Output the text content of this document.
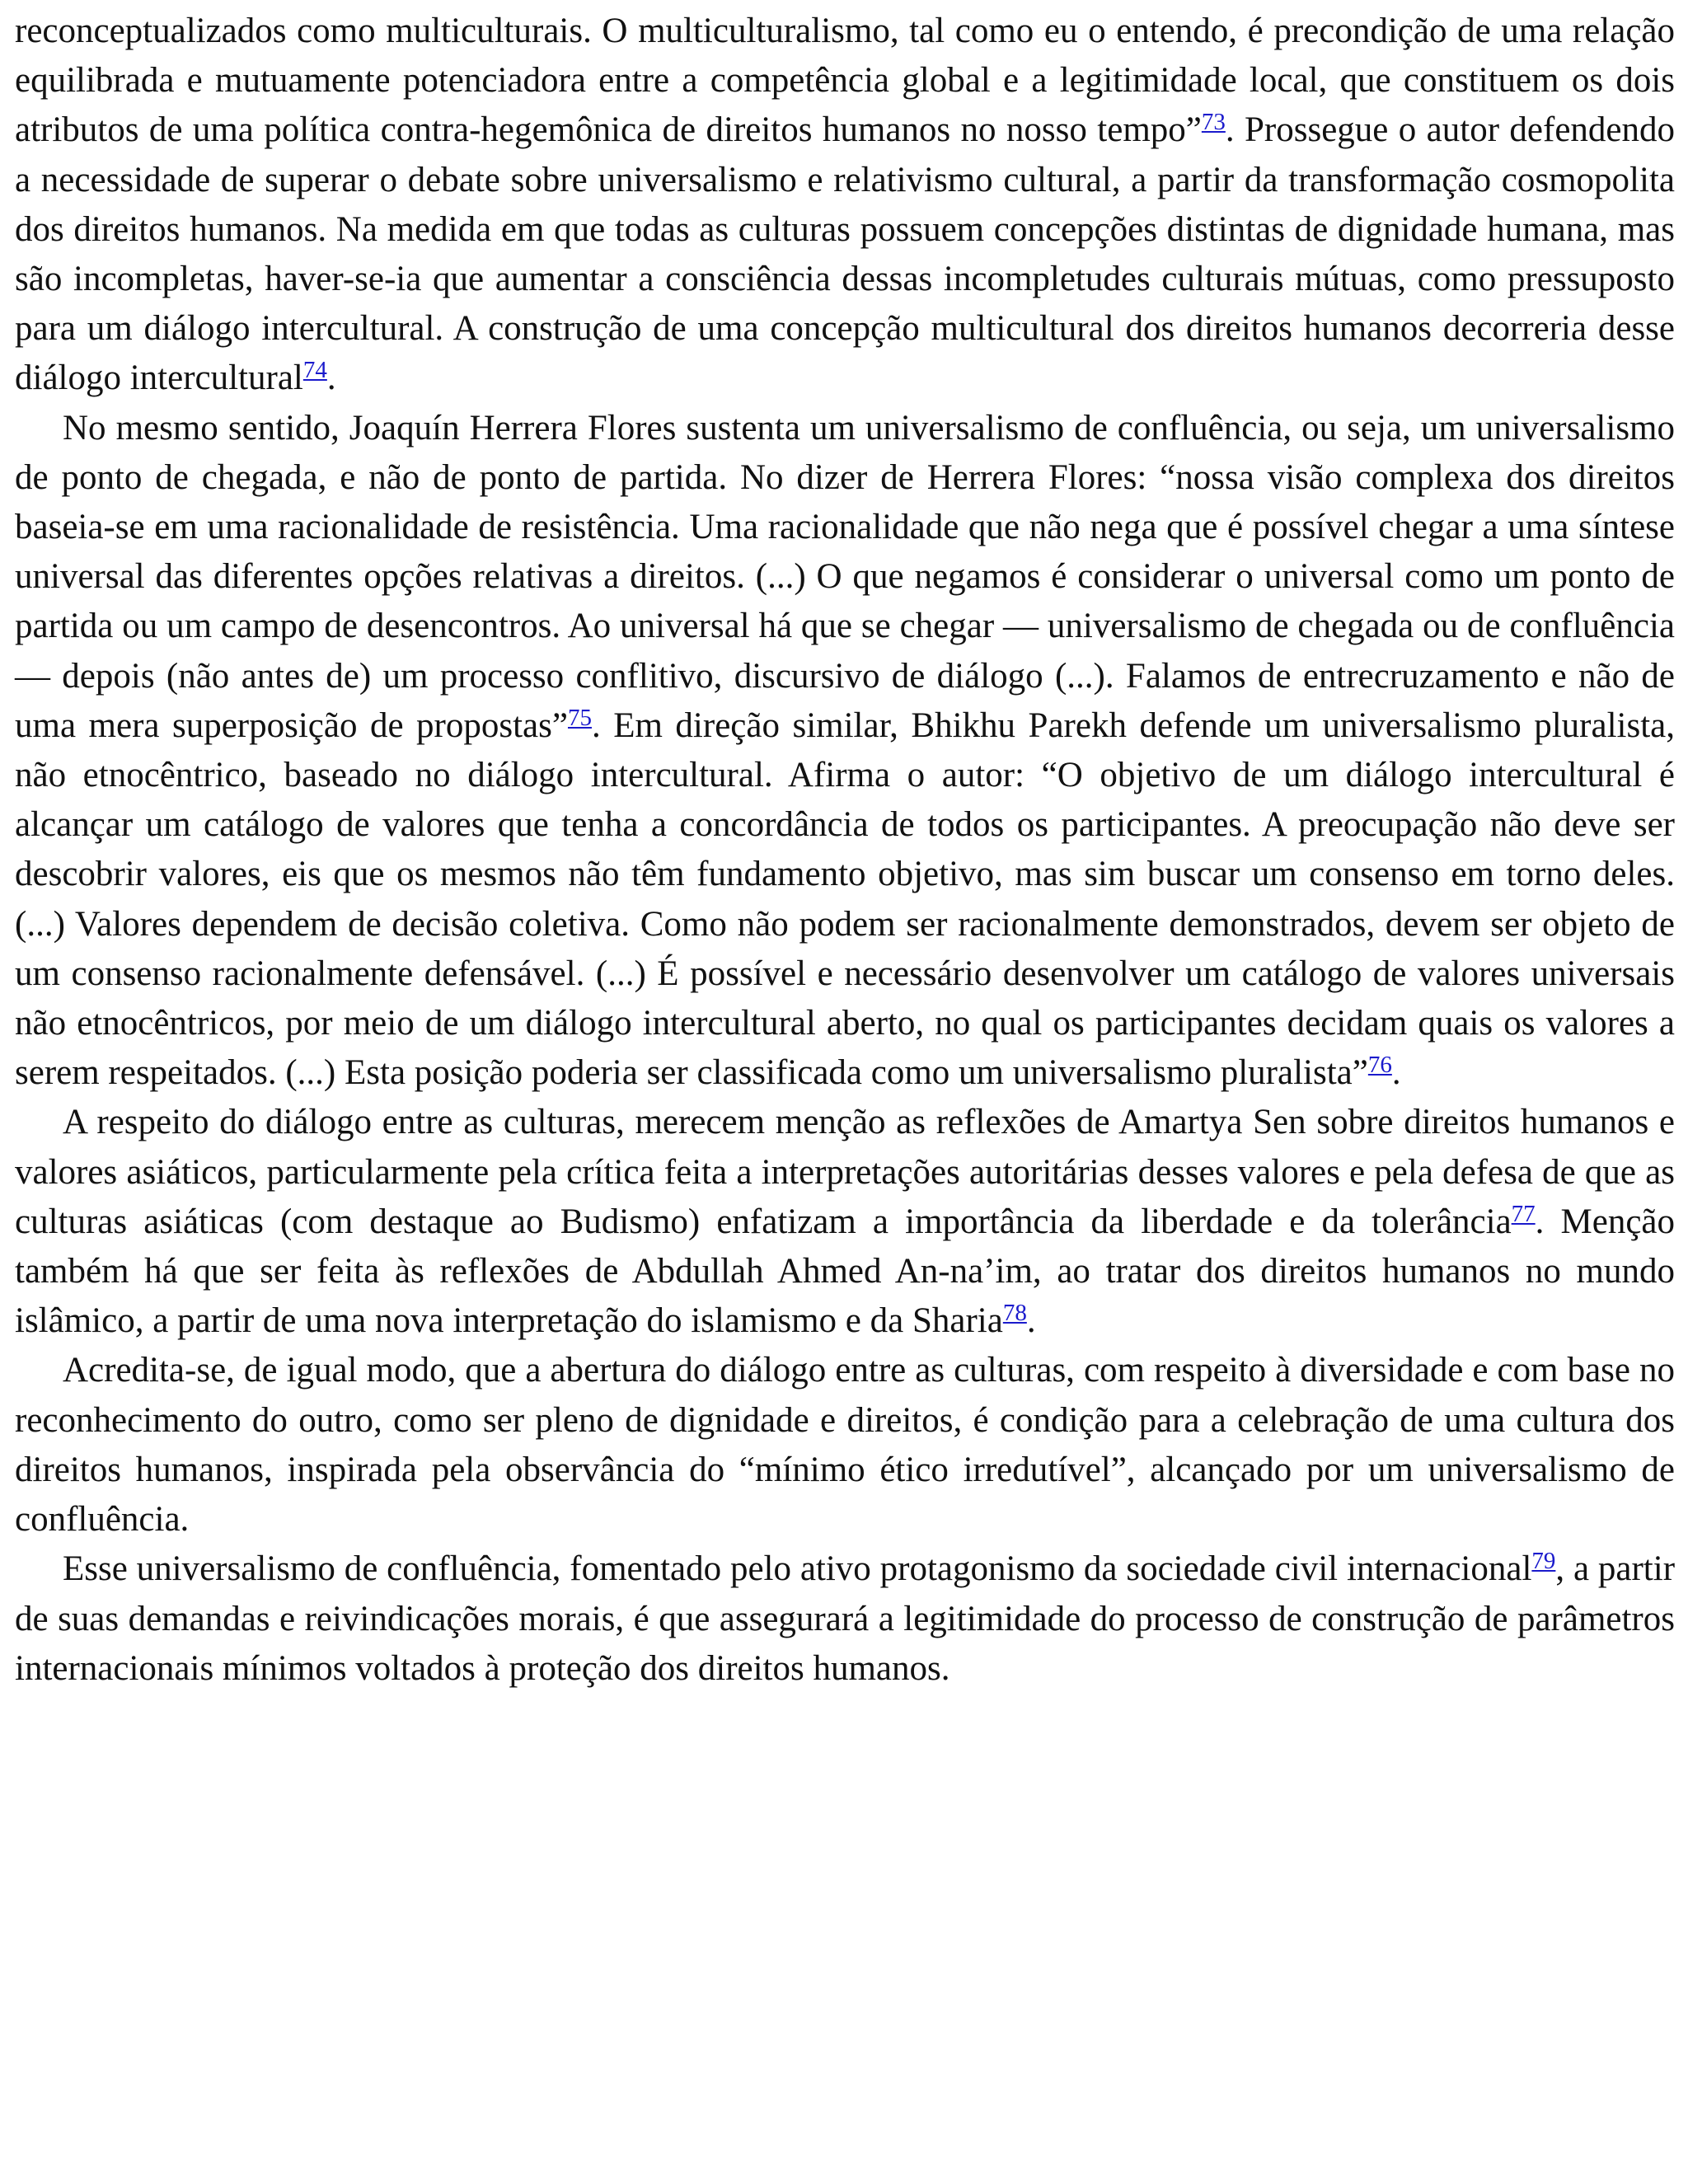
reconceptualizados como multiculturais. O multiculturalismo, tal como eu o entendo, é precondição de uma relação equilibrada e mutuamente potenciadora entre a competência global e a legitimidade local, que constituem os dois atributos de uma política contra-hegemônica de direitos humanos no nosso tempo”$^{73}$. Prossegue o autor defendendo a necessidade de superar o debate sobre universalismo e relativismo cultural, a partir da transformação cosmopolita dos direitos humanos. Na medida em que todas as culturas possuem concepções distintas de dignidade humana, mas são incompletas, haver-se-ia que aumentar a consciência dessas incompletudes culturais mútuas, como pressuposto para um diálogo intercultural. A construção de uma concepção multicultural dos direitos humanos decorreria desse diálogo intercultural$^{74}$.

No mesmo sentido, Joaquín Herrera Flores sustenta um universalismo de confluência, ou seja, um universalismo de ponto de chegada, e não de ponto de partida. No dizer de Herrera Flores: “nossa visão complexa dos direitos baseia-se em uma racionalidade de resistência. Uma racionalidade que não nega que é possível chegar a uma síntese universal das diferentes opções relativas a direitos. (...) O que negamos é considerar o universal como um ponto de partida ou um campo de desencontros. Ao universal há que se chegar — universalismo de chegada ou de confluência — depois (não antes de) um processo conflitivo, discursivo de diálogo (...). Falamos de entrecruzamento e não de uma mera superposição de propostas”$^{75}$. Em direção similar, Bhikhu Parekh defende um universalismo pluralista, não etnocêntrico, baseado no diálogo intercultural. Afirma o autor: “O objetivo de um diálogo intercultural é alcançar um catálogo de valores que tenha a concordância de todos os participantes. A preocupação não deve ser descobrir valores, eis que os mesmos não têm fundamento objetivo, mas sim buscar um consenso em torno deles. (...) Valores dependem de decisão coletiva. Como não podem ser racionalmente demonstrados, devem ser objeto de um consenso racionalmente defensável. (...) É possível e necessário desenvolver um catálogo de valores universais não etnocêntricos, por meio de um diálogo intercultural aberto, no qual os participantes decidam quais os valores a serem respeitados. (...) Esta posição poderia ser classificada como um universalismo pluralista”$^{76}$.

A respeito do diálogo entre as culturas, merecem menção as reflexões de Amartya Sen sobre direitos humanos e valores asiáticos, particularmente pela crítica feita a interpretações autoritárias desses valores e pela defesa de que as culturas asiáticas (com destaque ao Budismo) enfatizam a importância da liberdade e da tolerância$^{77}$. Menção também há que ser feita às reflexões de Abdullah Ahmed An-na’im, ao tratar dos direitos humanos no mundo islâmico, a partir de uma nova interpretação do islamismo e da Sharia$^{78}$.

Acredita-se, de igual modo, que a abertura do diálogo entre as culturas, com respeito à diversidade e com base no reconhecimento do outro, como ser pleno de dignidade e direitos, é condição para a celebração de uma cultura dos direitos humanos, inspirada pela observância do “mínimo ético irredutível”, alcançado por um universalismo de confluência.

Esse universalismo de confluência, fomentado pelo ativo protagonismo da sociedade civil internacional$^{79}$, a partir de suas demandas e reivindicações morais, é que assegurará a legitimidade do processo de construção de parâmetros internacionais mínimos voltados à proteção dos direitos humanos.
